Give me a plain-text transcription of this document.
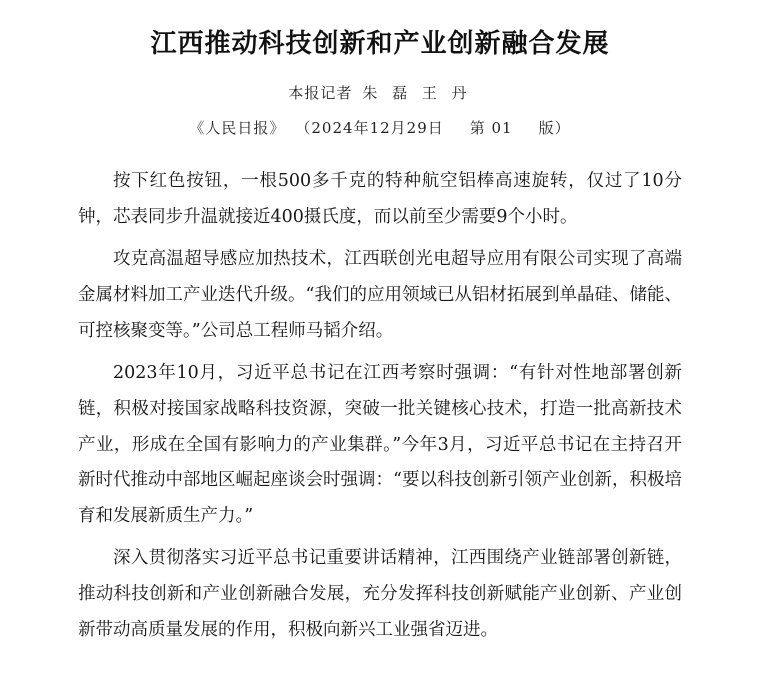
江西推动科技创新和产业创新融合发展
本报记者 朱 磊 王 丹
《人民日报》 （2024年12月29日 第 01 版）

按下红色按钮，一根500多千克的特种航空铝棒高速旋转，仅过了10分钟，芯表同步升温就接近400摄氏度，而以前至少需要9个小时。

攻克高温超导感应加热技术，江西联创光电超导应用有限公司实现了高端金属材料加工产业迭代升级。“我们的应用领域已从铝材拓展到单晶硅、储能、可控核聚变等。”公司总工程师马韬介绍。

2023年10月，习近平总书记在江西考察时强调：“有针对性地部署创新链，积极对接国家战略科技资源，突破一批关键核心技术，打造一批高新技术产业，形成在全国有影响力的产业集群。”今年3月，习近平总书记在主持召开新时代推动中部地区崛起座谈会时强调：“要以科技创新引领产业创新，积极培育和发展新质生产力。”

深入贯彻落实习近平总书记重要讲话精神，江西围绕产业链部署创新链，推动科技创新和产业创新融合发展，充分发挥科技创新赋能产业创新、产业创新带动高质量发展的作用，积极向新兴工业强省迈进。
